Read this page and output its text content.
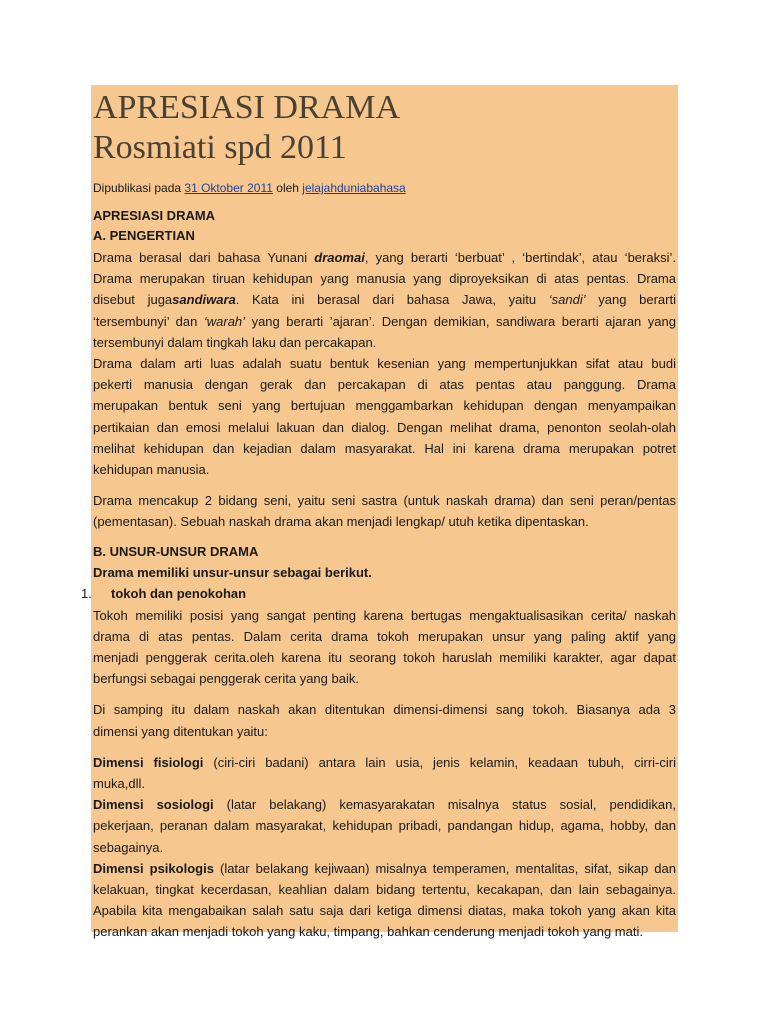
APRESIASI DRAMA
Rosmiati spd 2011
Dipublikasi pada 31 Oktober 2011 oleh jelajahduniabahasa
APRESIASI DRAMA
A. PENGERTIAN

Drama berasal dari bahasa Yunani draomai, yang berarti ‘berbuat’ , ‘bertindak’, atau ‘beraksi’.
Drama merupakan tiruan kehidupan yang manusia yang diproyeksikan di atas pentas. Drama
disebut jugasandiwara. Kata ini berasal dari bahasa Jawa, yaitu ‘sandi’ yang berarti
‘tersembunyi’ dan ‘warah’ yang berarti ’ajaran’. Dengan demikian, sandiwara berarti ajaran yang
tersembunyi dalam tingkah laku dan percakapan.

Drama dalam arti luas adalah suatu bentuk kesenian yang mempertunjukkan sifat atau budi
pekerti manusia dengan gerak dan percakapan di atas pentas atau panggung. Drama
merupakan bentuk seni yang bertujuan menggambarkan kehidupan dengan menyampaikan
pertikaian dan emosi melalui lakuan dan dialog. Dengan melihat drama, penonton seolah-olah
melihat kehidupan dan kejadian dalam masyarakat. Hal ini karena drama merupakan potret
kehidupan manusia.

Drama mencakup 2 bidang seni, yaitu seni sastra (untuk naskah drama) dan seni peran/pentas
(pementasan). Sebuah naskah drama akan menjadi lengkap/ utuh ketika dipentaskan.

B. UNSUR-UNSUR DRAMA
Drama memiliki unsur-unsur sebagai berikut.
1. tokoh dan penokohan

Tokoh memiliki posisi yang sangat penting karena bertugas mengaktualisasikan cerita/ naskah
drama di atas pentas. Dalam cerita drama tokoh merupakan unsur yang paling aktif yang
menjadi penggerak cerita.oleh karena itu seorang tokoh haruslah memiliki karakter, agar dapat
berfungsi sebagai penggerak cerita yang baik.

Di samping itu dalam naskah akan ditentukan dimensi-dimensi sang tokoh. Biasanya ada 3
dimensi yang ditentukan yaitu:

Dimensi fisiologi (ciri-ciri badani) antara lain usia, jenis kelamin, keadaan tubuh, cirri-ciri
muka,dll.

Dimensi sosiologi (latar belakang) kemasyarakatan misalnya status sosial, pendidikan,
pekerjaan, peranan dalam masyarakat, kehidupan pribadi, pandangan hidup, agama, hobby, dan
sebagainya.

Dimensi psikologis (latar belakang kejiwaan) misalnya temperamen, mentalitas, sifat, sikap dan
kelakuan, tingkat kecerdasan, keahlian dalam bidang tertentu, kecakapan, dan lain sebagainya.
Apabila kita mengabaikan salah satu saja dari ketiga dimensi diatas, maka tokoh yang akan kita
perankan akan menjadi tokoh yang kaku, timpang, bahkan cenderung menjadi tokoh yang mati.
